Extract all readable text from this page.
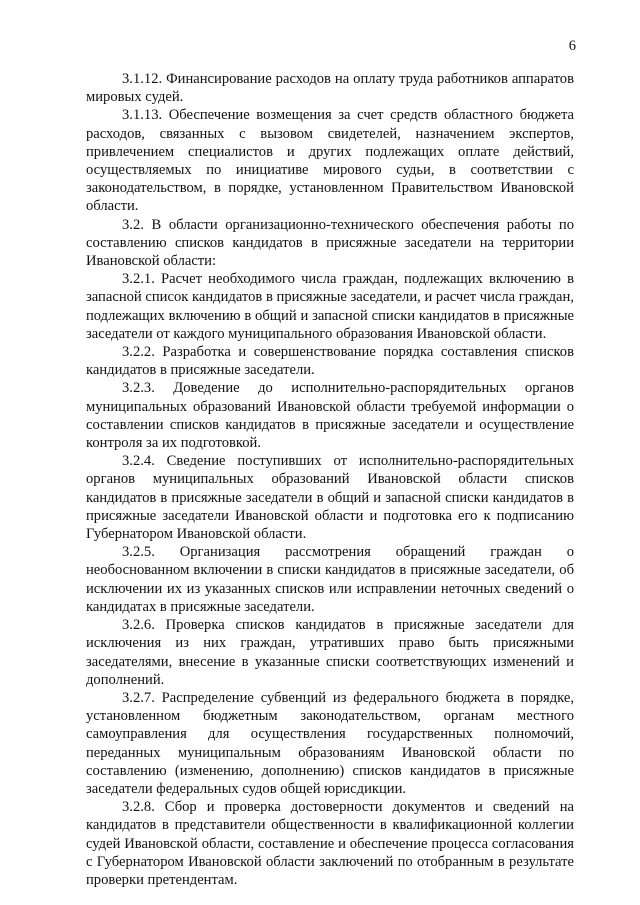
6

3.1.12. Финансирование расходов на оплату труда работников аппаратов мировых судей.

3.1.13. Обеспечение возмещения за счет средств областного бюджета расходов, связанных с вызовом свидетелей, назначением экспертов, привлечением специалистов и других подлежащих оплате действий, осуществляемых по инициативе мирового судьи, в соответствии с законодательством, в порядке, установленном Правительством Ивановской области.

3.2. В области организационно-технического обеспечения работы по составлению списков кандидатов в присяжные заседатели на территории Ивановской области:

3.2.1. Расчет необходимого числа граждан, подлежащих включению в запасной список кандидатов в присяжные заседатели, и расчет числа граждан, подлежащих включению в общий и запасной списки кандидатов в присяжные заседатели от каждого муниципального образования Ивановской области.

3.2.2. Разработка и совершенствование порядка составления списков кандидатов в присяжные заседатели.

3.2.3. Доведение до исполнительно-распорядительных органов муниципальных образований Ивановской области требуемой информации о составлении списков кандидатов в присяжные заседатели и осуществление контроля за их подготовкой.

3.2.4. Сведение поступивших от исполнительно-распорядительных органов муниципальных образований Ивановской области списков кандидатов в присяжные заседатели в общий и запасной списки кандидатов в присяжные заседатели Ивановской области и подготовка его к подписанию Губернатором Ивановской области.

3.2.5. Организация рассмотрения обращений граждан о необоснованном включении в списки кандидатов в присяжные заседатели, об исключении их из указанных списков или исправлении неточных сведений о кандидатах в присяжные заседатели.

3.2.6. Проверка списков кандидатов в присяжные заседатели для исключения из них граждан, утративших право быть присяжными заседателями, внесение в указанные списки соответствующих изменений и дополнений.

3.2.7. Распределение субвенций из федерального бюджета в порядке, установленном бюджетным законодательством, органам местного самоуправления для осуществления государственных полномочий, переданных муниципальным образованиям Ивановской области по составлению (изменению, дополнению) списков кандидатов в присяжные заседатели федеральных судов общей юрисдикции.

3.2.8. Сбор и проверка достоверности документов и сведений на кандидатов в представители общественности в квалификационной коллегии судей Ивановской области, составление и обеспечение процесса согласования с Губернатором Ивановской области заключений по отобранным в результате проверки претендентам.
